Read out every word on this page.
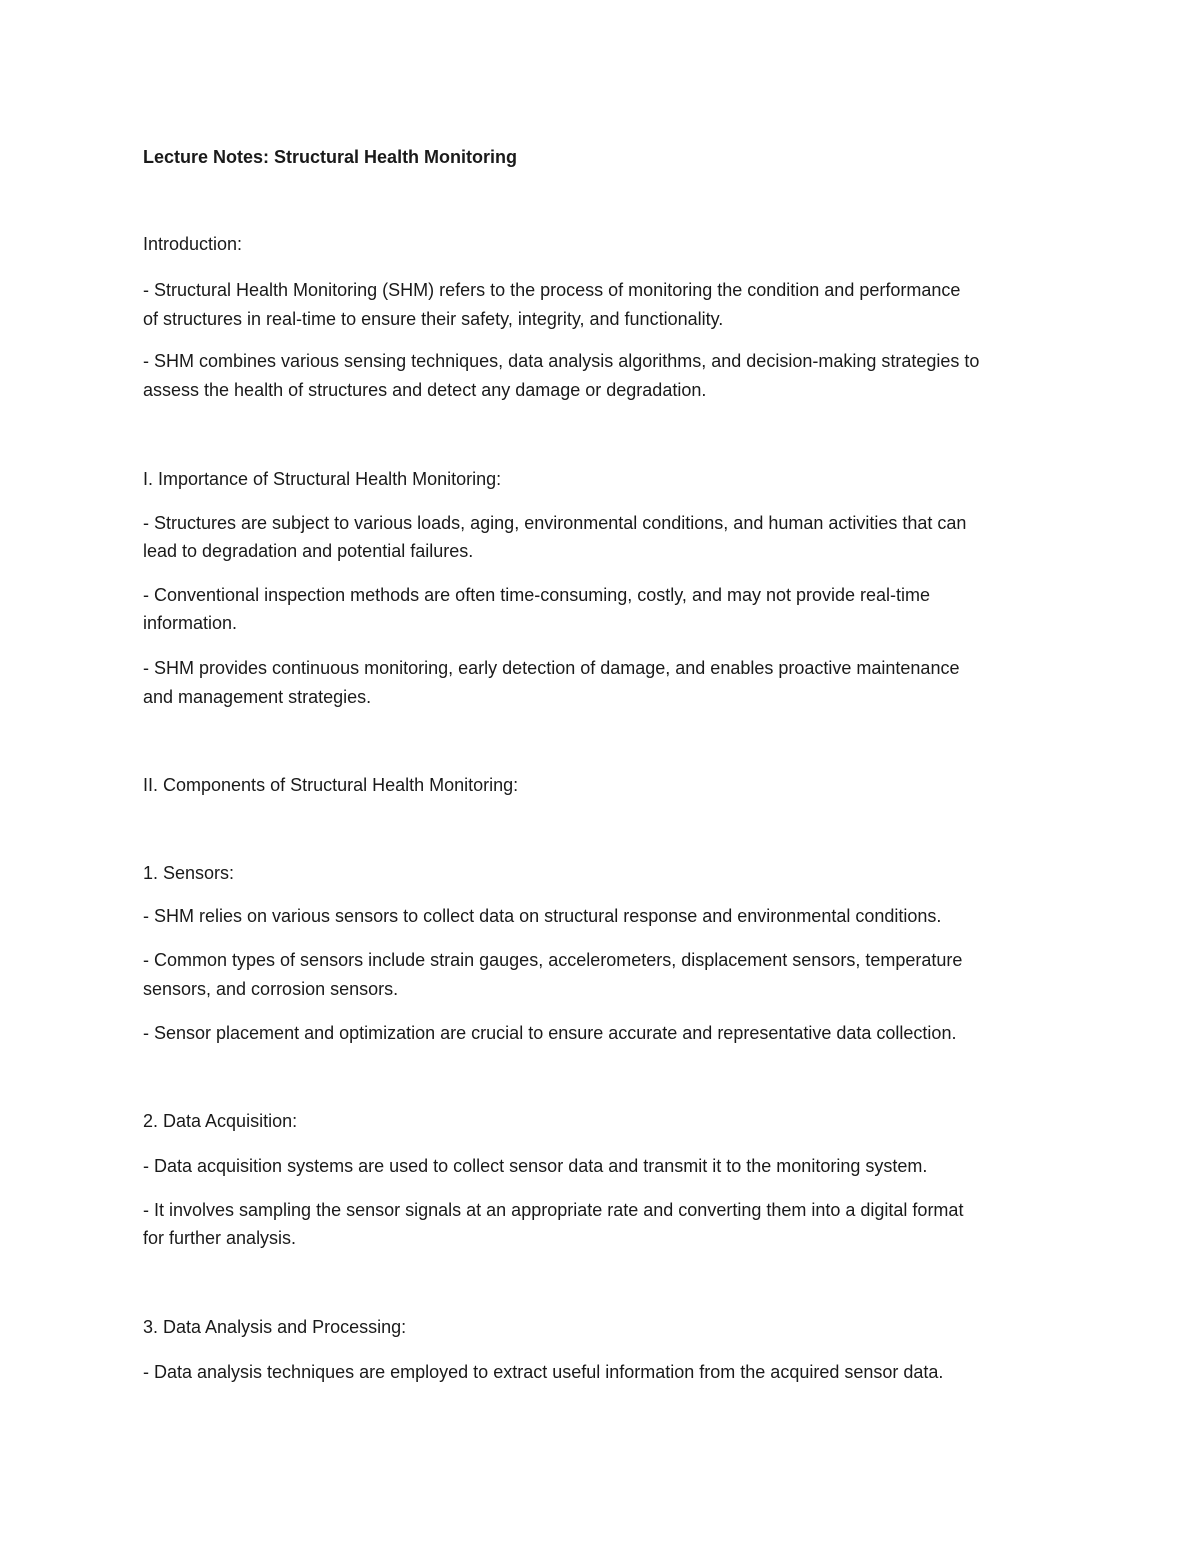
Lecture Notes: Structural Health Monitoring
Introduction:
- Structural Health Monitoring (SHM) refers to the process of monitoring the condition and performance
of structures in real-time to ensure their safety, integrity, and functionality.
- SHM combines various sensing techniques, data analysis algorithms, and decision-making strategies to
assess the health of structures and detect any damage or degradation.
I. Importance of Structural Health Monitoring:
- Structures are subject to various loads, aging, environmental conditions, and human activities that can
lead to degradation and potential failures.
- Conventional inspection methods are often time-consuming, costly, and may not provide real-time
information.
- SHM provides continuous monitoring, early detection of damage, and enables proactive maintenance
and management strategies.
II. Components of Structural Health Monitoring:
1. Sensors:
- SHM relies on various sensors to collect data on structural response and environmental conditions.
- Common types of sensors include strain gauges, accelerometers, displacement sensors, temperature
sensors, and corrosion sensors.
- Sensor placement and optimization are crucial to ensure accurate and representative data collection.
2. Data Acquisition:
- Data acquisition systems are used to collect sensor data and transmit it to the monitoring system.
- It involves sampling the sensor signals at an appropriate rate and converting them into a digital format
for further analysis.
3. Data Analysis and Processing:
- Data analysis techniques are employed to extract useful information from the acquired sensor data.
